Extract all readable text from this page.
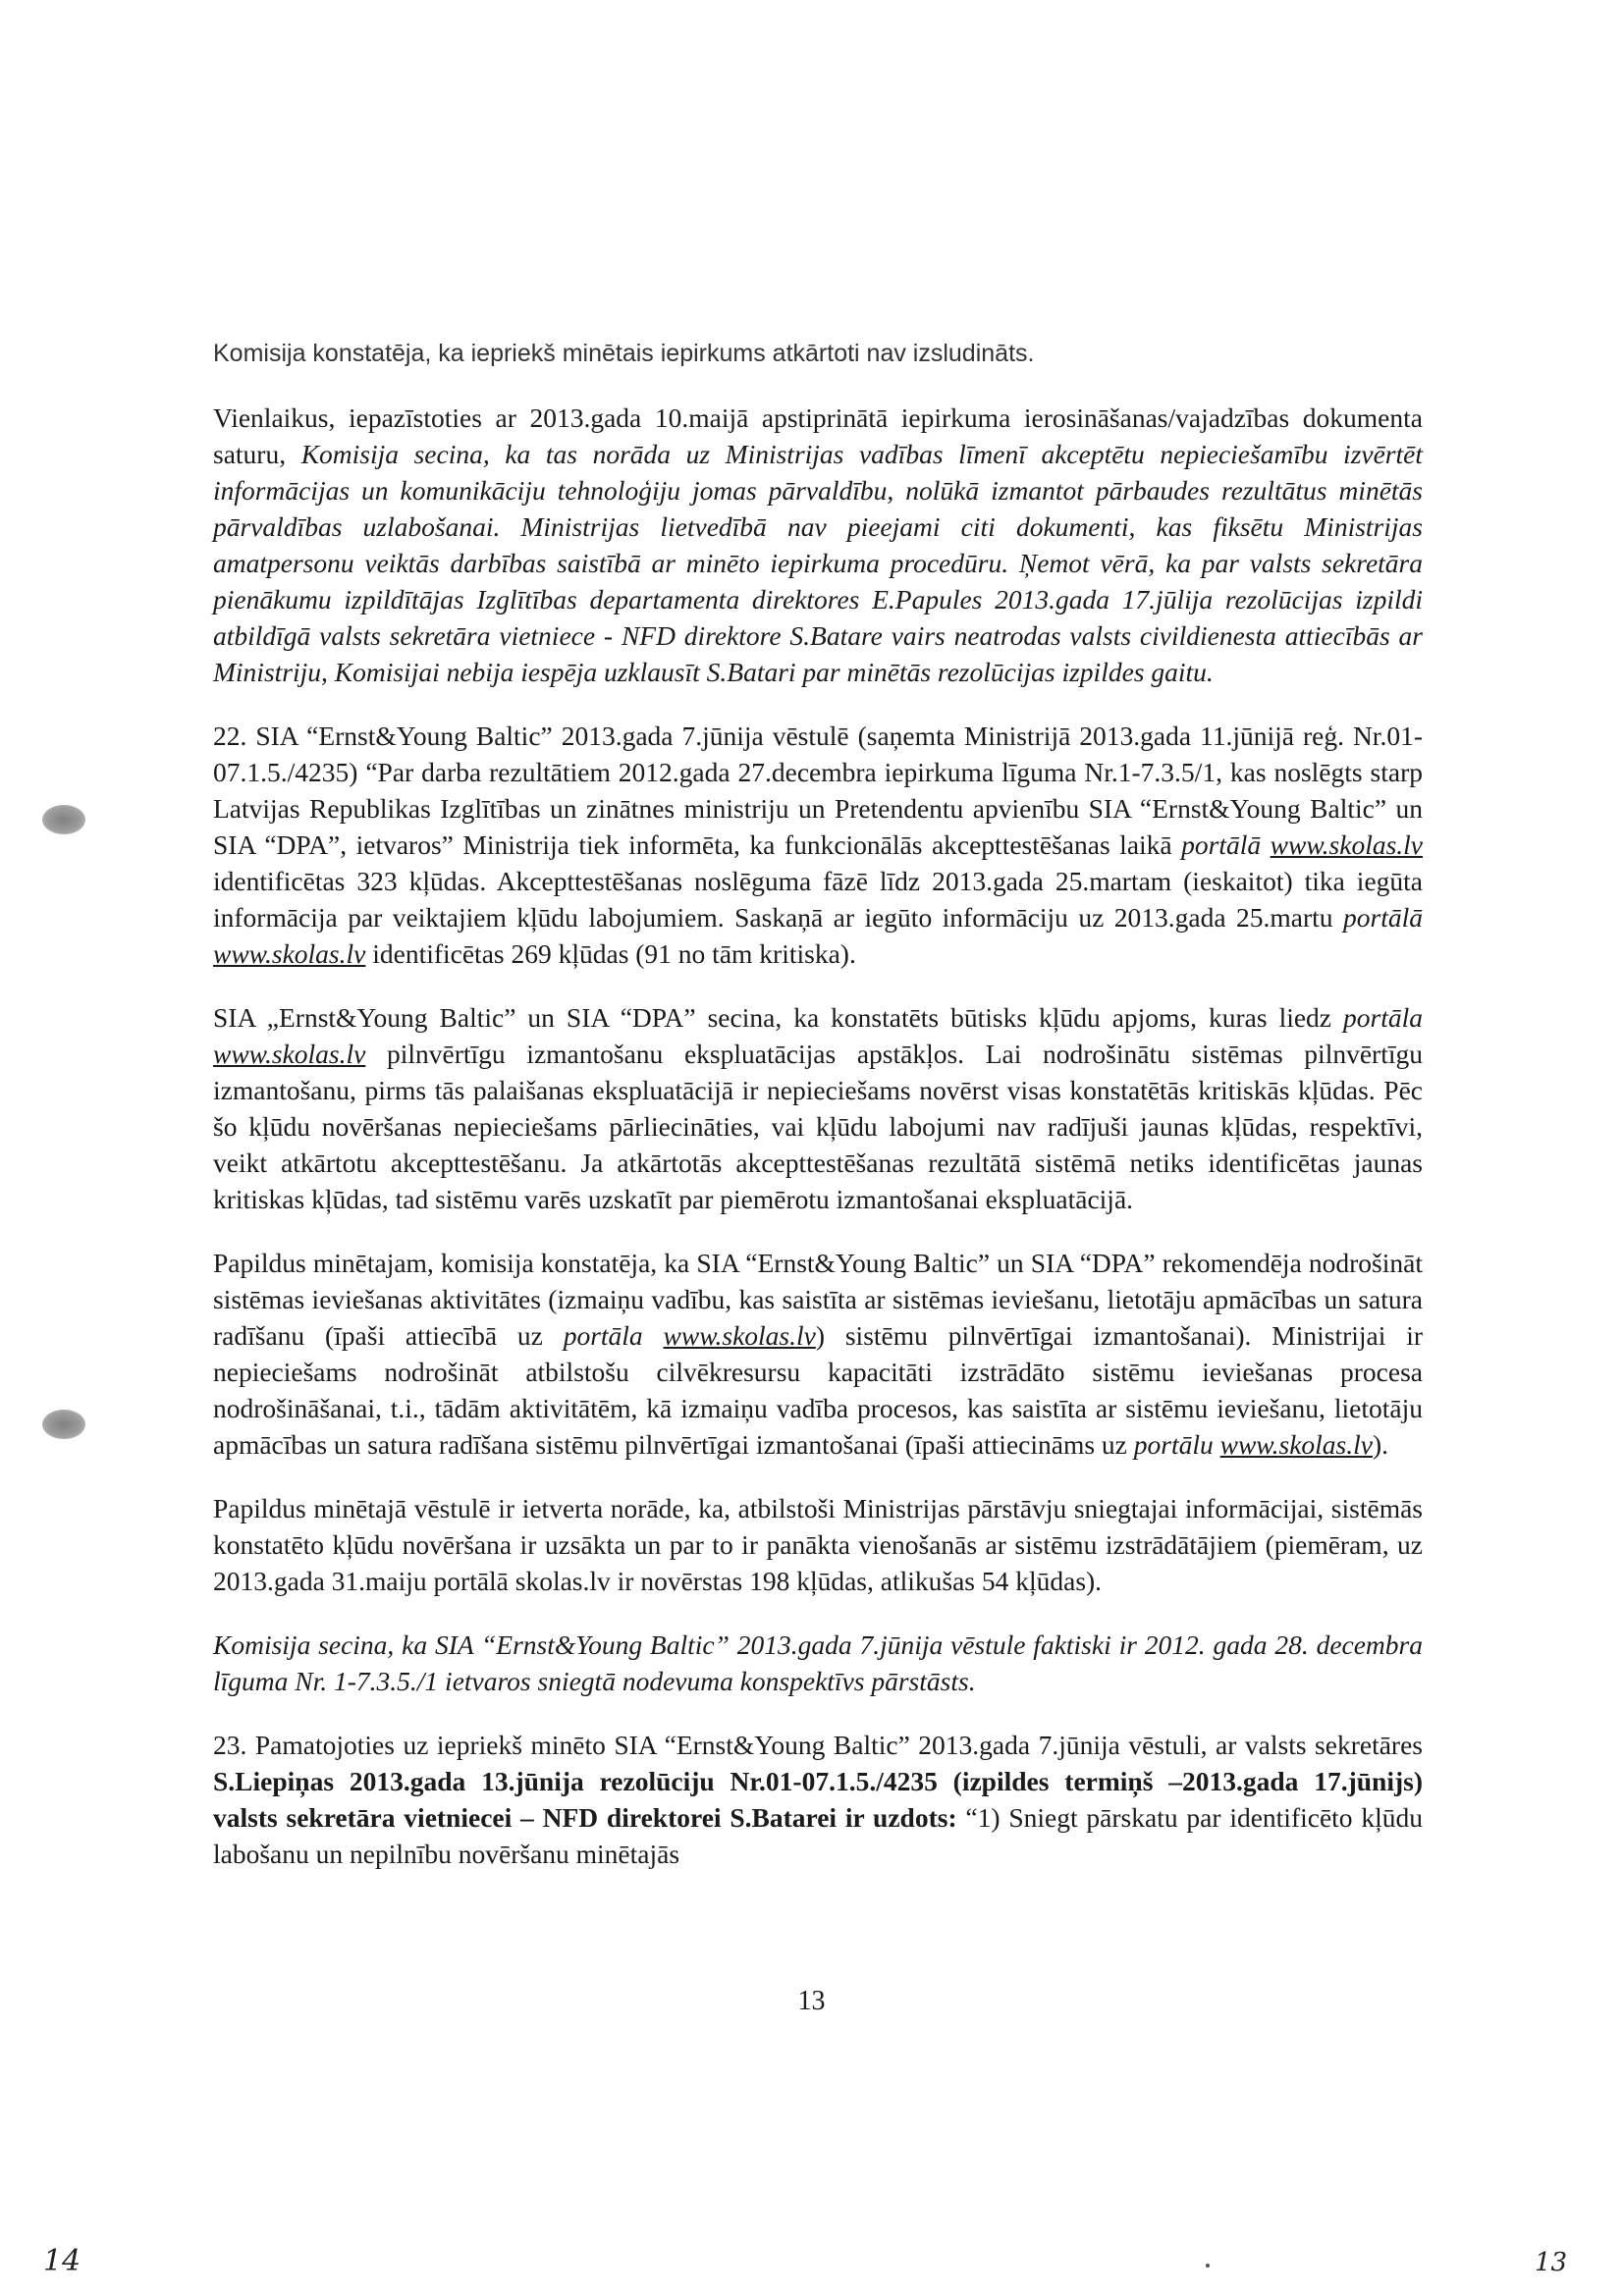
Komisija konstatēja, ka iepriekš minētais iepirkums atkārtoti nav izsludināts.

Vienlaikus, iepazīstoties ar 2013.gada 10.maijā apstiprinātā iepirkuma ierosināšanas/vajadzības dokumenta saturu, Komisija secina, ka tas norāda uz Ministrijas vadības līmenī akceptētu nepieciešamību izvērtēt informācijas un komunikāciju tehnoloģiju jomas pārvaldību, nolūkā izmantot pārbaudes rezultātus minētās pārvaldības uzlabošanai. Ministrijas lietvedībā nav pieejami citi dokumenti, kas fiksētu Ministrijas amatpersonu veiktās darbības saistībā ar minēto iepirkuma procedūru. Ņemot vērā, ka par valsts sekretāra pienākumu izpildītājas Izglītības departamenta direktores E.Papules 2013.gada 17.jūlija rezolūcijas izpildi atbildīgā valsts sekretāra vietniece - NFD direktore S.Batare vairs neatrodas valsts civildienesta attiecībās ar Ministriju, Komisijai nebija iespēja uzklausīt S.Batari par minētās rezolūcijas izpildes gaitu.

22. SIA “Ernst&Young Baltic” 2013.gada 7.jūnija vēstulē (saņemta Ministrijā 2013.gada 11.jūnijā reģ. Nr.01-07.1.5./4235) “Par darba rezultātiem 2012.gada 27.decembra iepirkuma līguma Nr.1-7.3.5/1, kas noslēgts starp Latvijas Republikas Izglītības un zinātnes ministriju un Pretendentu apvienību SIA “Ernst&Young Baltic” un SIA “DPA”, ietvaros” Ministrija tiek informēta, ka funkcionālās akcepttestēšanas laikā portālā www.skolas.lv identificētas 323 kļūdas. Akcepttestēšanas noslēguma fāzē līdz 2013.gada 25.martam (ieskaitot) tika iegūta informācija par veiktajiem kļūdu labojumiem. Saskaņā ar iegūto informāciju uz 2013.gada 25.martu portālā www.skolas.lv identificētas 269 kļūdas (91 no tām kritiska).

SIA „Ernst&Young Baltic” un SIA “DPA” secina, ka konstatēts būtisks kļūdu apjoms, kuras liedz portāla www.skolas.lv pilnvērtīgu izmantošanu ekspluatācijas apstākļos. Lai nodrošinātu sistēmas pilnvērtīgu izmantošanu, pirms tās palaišanas ekspluatācijā ir nepieciešams novērst visas konstatētās kritiskās kļūdas. Pēc šo kļūdu novēršanas nepieciešams pārliecināties, vai kļūdu labojumi nav radījuši jaunas kļūdas, respektīvi, veikt atkārtotu akcepttestēšanu. Ja atkārtotās akcepttestēšanas rezultātā sistēmā netiks identificētas jaunas kritiskas kļūdas, tad sistēmu varēs uzskatīt par piemērotu izmantošanai ekspluatācijā.

Papildus minētajam, komisija konstatēja, ka SIA “Ernst&Young Baltic” un SIA “DPA” rekomendēja nodrošināt sistēmas ieviešanas aktivitātes (izmaiņu vadību, kas saistīta ar sistēmas ieviešanu, lietotāju apmācības un satura radīšanu (īpaši attiecībā uz portāla www.skolas.lv) sistēmu pilnvērtīgai izmantošanai). Ministrijai ir nepieciešams nodrošināt atbilstošu cilvēkresursu kapacitāti izstrādāto sistēmu ieviešanas procesa nodrošināšanai, t.i., tādām aktivitātēm, kā izmaiņu vadība procesos, kas saistīta ar sistēmu ieviešanu, lietotāju apmācības un satura radīšana sistēmu pilnvērtīgai izmantošanai (īpaši attiecināms uz portālu www.skolas.lv).

Papildus minētajā vēstulē ir ietverta norāde, ka, atbilstoši Ministrijas pārstāvju sniegtajai informācijai, sistēmās konstatēto kļūdu novēršana ir uzsākta un par to ir panākta vienošanās ar sistēmu izstrādātājiem (piemēram, uz 2013.gada 31.maiju portālā skolas.lv ir novērstas 198 kļūdas, atlikušas 54 kļūdas).

Komisija secina, ka SIA “Ernst&Young Baltic” 2013.gada 7.jūnija vēstule faktiski ir 2012. gada 28. decembra līguma Nr. 1-7.3.5./1 ietvaros sniegtā nodevuma konspektīvs pārstāsts.

23. Pamatojoties uz iepriekš minēto SIA “Ernst&Young Baltic” 2013.gada 7.jūnija vēstuli, ar valsts sekretāres S.Liepiņas 2013.gada 13.jūnija rezolūciju Nr.01-07.1.5./4235 (izpildes termiņš –2013.gada 17.jūnijs) valsts sekretāra vietniecei – NFD direktorei S.Batarei ir uzdots: “1) Sniegt pārskatu par identificēto kļūdu labošanu un nepilnību novēršanu minētajās

13
14	13
